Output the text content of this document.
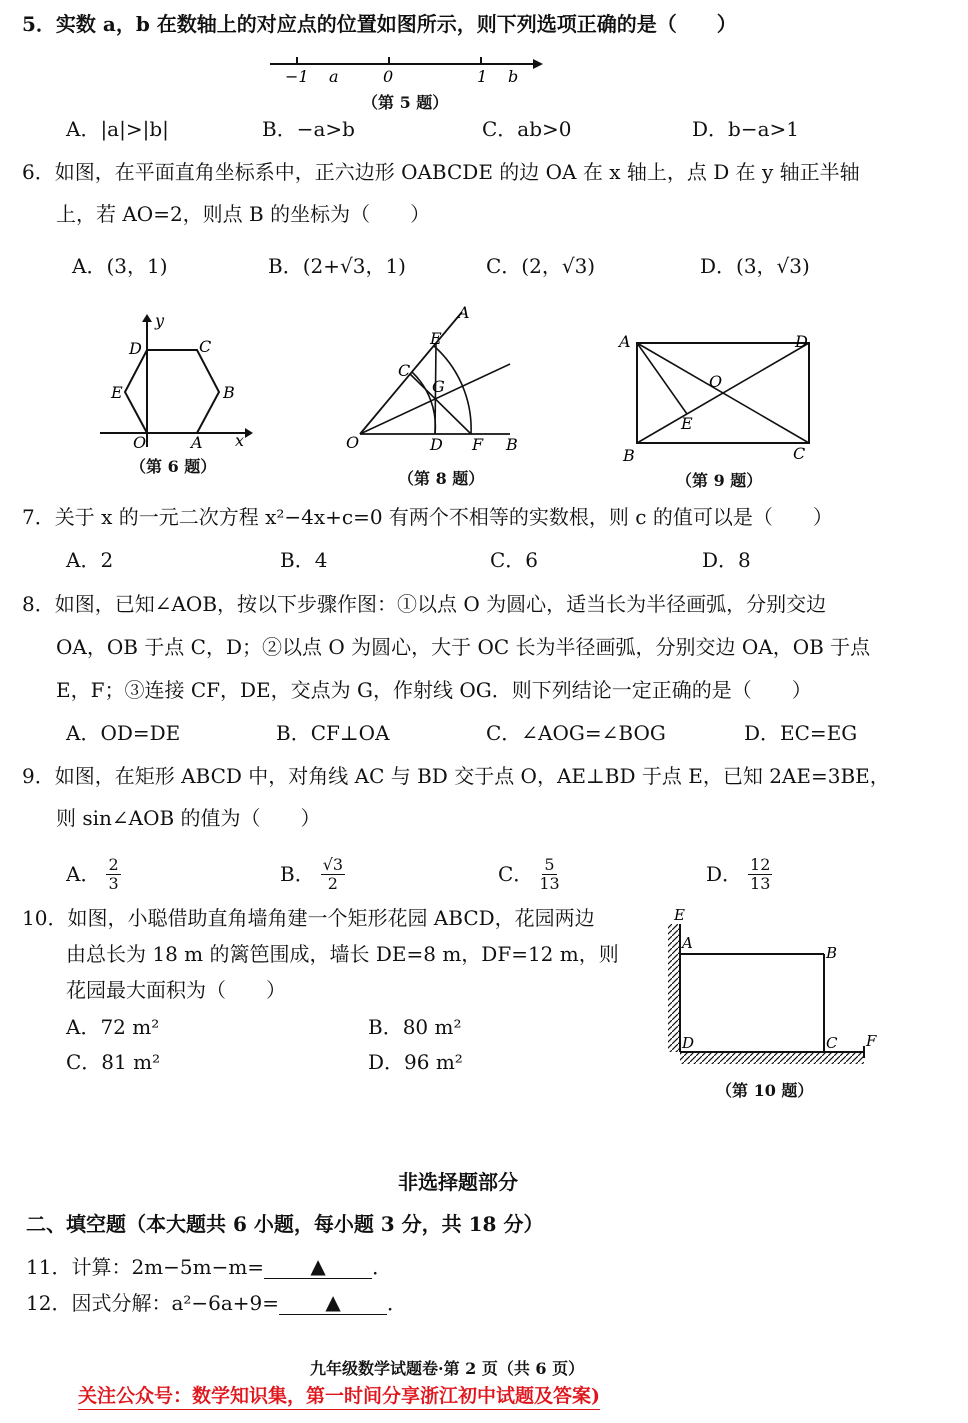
5．实数 a，b 在数轴上的对应点的位置如图所示，则下列选项正确的是（　　）
−1 a	0	1 b
（第 5 题）
A．|a|>|b|	B．−a>b	C．ab>0	D．b−a>1
6．如图，在平面直角坐标系中，正六边形 OABCDE 的边 OA 在 x 轴上，点 D 在 y 轴正半轴
上，若 AO=2，则点 B 的坐标为（　　）
A．(3，1)	B．(2+√3，1)	C．(2，√3)	D．(3，√3)
y
D	C
E	B
O	A x
（第 6 题）
A
E
C
G
O	D F B
（第 8 题）
A	D
O
E
B	C
（第 9 题）
7．关于 x 的一元二次方程 x²−4x+c=0 有两个不相等的实数根，则 c 的值可以是（　　）
A．2	B．4	C．6	D．8
8．如图，已知∠AOB，按以下步骤作图：①以点 O 为圆心，适当长为半径画弧，分别交边
OA，OB 于点 C，D；②以点 O 为圆心，大于 OC 长为半径画弧，分别交边 OA，OB 于点
E，F；③连接 CF，DE，交点为 G，作射线 OG．则下列结论一定正确的是（　　）
A．OD=DE	B．CF⊥OA	C．∠AOG=∠BOG	D．EC=EG
9．如图，在矩形 ABCD 中，对角线 AC 与 BD 交于点 O，AE⊥BD 于点 E，已知 2AE=3BE，
则 sin∠AOB 的值为（　　）
A． $\frac{2}{3}$	B． $\frac{√3}{2}$	C． $\frac{5}{13}$	D． $\frac{12}{13}$
10．如图，小聪借助直角墙角建一个矩形花园 ABCD，花园两边
由总长为 18 m 的篱笆围成，墙长 DE=8 m，DF=12 m，则
花园最大面积为（　　）
A．72 m²	B．80 m²
C．81 m²	D．96 m²
E
A
B
D	C F
（第 10 题）
非选择题部分
二、填空题（本大题共 6 小题，每小题 3 分，共 18 分）
11．计算：2m−5m−m=	▲	．
12．因式分解：a²−6a+9=	▲	．
九年级数学试题卷·第 2 页（共 6 页）
关注公众号：数学知识集，第一时间分享浙江初中试题及答案)
